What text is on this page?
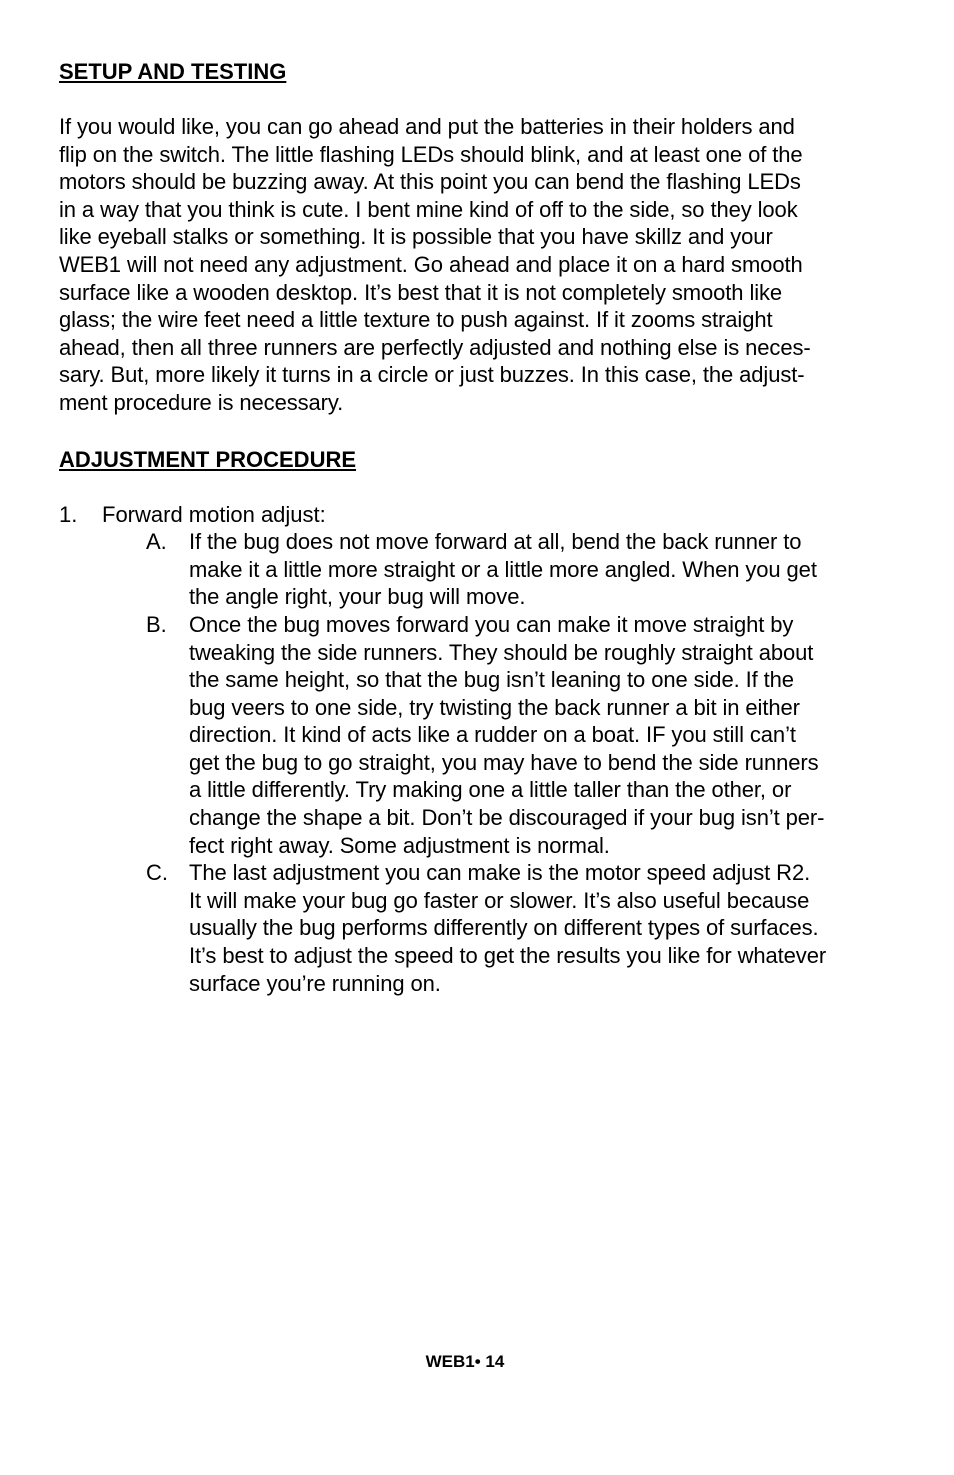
SETUP AND TESTING
If you would like, you can go ahead and put the batteries in their holders and
flip on the switch. The little flashing LEDs should blink, and at least one of the
motors should be buzzing away. At this point you can bend the flashing LEDs
in a way that you think is cute. I bent mine kind of off to the side, so they look
like eyeball stalks or something. It is possible that you have skillz and your
WEB1 will not need any adjustment. Go ahead and place it on a hard smooth
surface like a wooden desktop. It’s best that it is not completely smooth like
glass; the wire feet need a little texture to push against. If it zooms straight
ahead, then all three runners are perfectly adjusted and nothing else is neces-
sary. But, more likely it turns in a circle or just buzzes. In this case, the adjust-
ment procedure is necessary.
ADJUSTMENT PROCEDURE
1. Forward motion adjust:
A. If the bug does not move forward at all, bend the back runner to
make it a little more straight or a little more angled. When you get
the angle right, your bug will move.
B. Once the bug moves forward you can make it move straight by
tweaking the side runners. They should be roughly straight about
the same height, so that the bug isn’t leaning to one side. If the
bug veers to one side, try twisting the back runner a bit in either
direction. It kind of acts like a rudder on a boat. IF you still can’t
get the bug to go straight, you may have to bend the side runners
a little differently. Try making one a little taller than the other, or
change the shape a bit. Don’t be discouraged if your bug isn’t per-
fect right away. Some adjustment is normal.
C. The last adjustment you can make is the motor speed adjust R2.
It will make your bug go faster or slower. It’s also useful because
usually the bug performs differently on different types of surfaces.
It’s best to adjust the speed to get the results you like for whatever
surface you’re running on.
WEB1• 14
